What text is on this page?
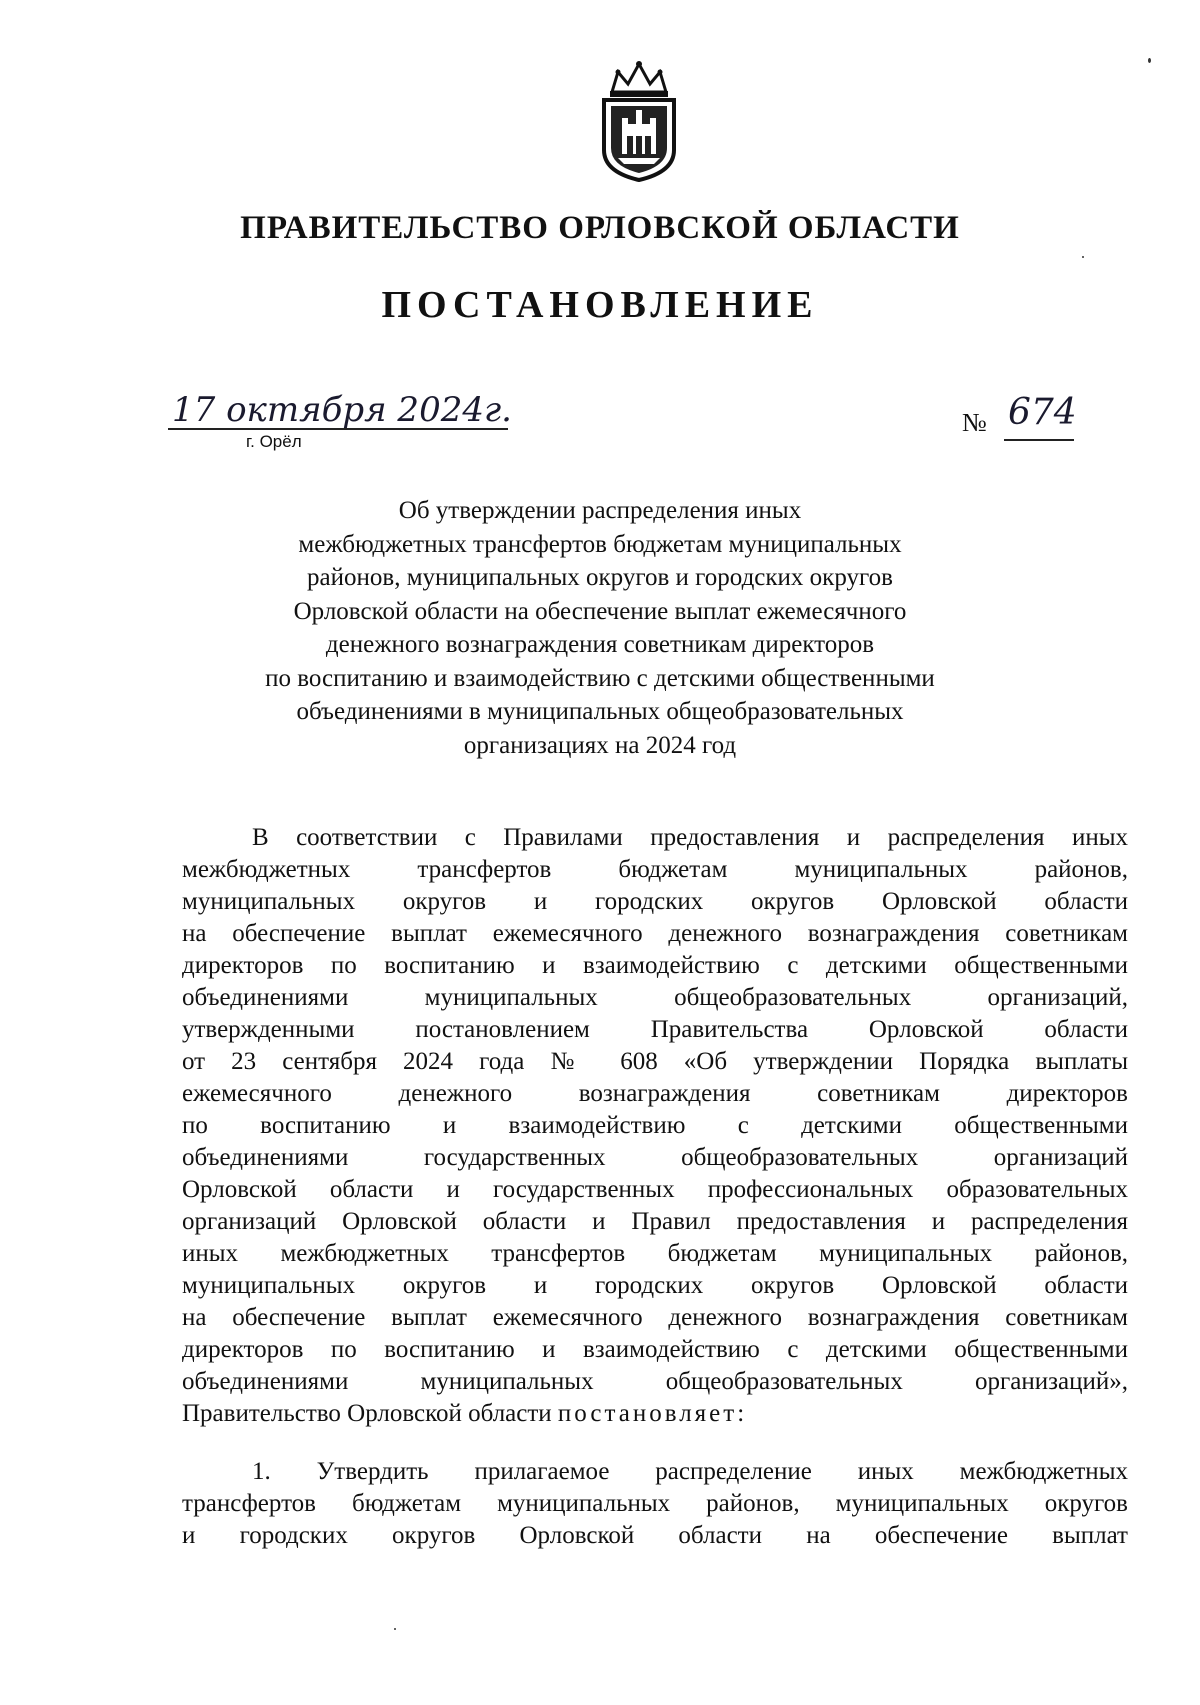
ПРАВИТЕЛЬСТВО ОРЛОВСКОЙ ОБЛАСТИ
ПОСТАНОВЛЕНИЕ
17 октября 2024г.
г. Орёл
№ 674
Об утверждении распределения иных
межбюджетных трансфертов бюджетам муниципальных
районов, муниципальных округов и городских округов
Орловской области на обеспечение выплат ежемесячного
денежного вознаграждения советникам директоров
по воспитанию и взаимодействию с детскими общественными
объединениями в муниципальных общеобразовательных
организациях на 2024 год
В соответствии с Правилами предоставления и распределения иных
межбюджетных трансфертов бюджетам муниципальных районов,
муниципальных округов и городских округов Орловской области
на обеспечение выплат ежемесячного денежного вознаграждения советникам
директоров по воспитанию и взаимодействию с детскими общественными
объединениями муниципальных общеобразовательных организаций,
утвержденными постановлением Правительства Орловской области
от 23 сентября 2024 года № 608 «Об утверждении Порядка выплаты
ежемесячного денежного вознаграждения советникам директоров
по воспитанию и взаимодействию с детскими общественными
объединениями государственных общеобразовательных организаций
Орловской области и государственных профессиональных образовательных
организаций Орловской области и Правил предоставления и распределения
иных межбюджетных трансфертов бюджетам муниципальных районов,
муниципальных округов и городских округов Орловской области
на обеспечение выплат ежемесячного денежного вознаграждения советникам
директоров по воспитанию и взаимодействию с детскими общественными
объединениями муниципальных общеобразовательных организаций»,
Правительство Орловской области постановляет:
1. Утвердить прилагаемое распределение иных межбюджетных
трансфертов бюджетам муниципальных районов, муниципальных округов
и городских округов Орловской области на обеспечение выплат
